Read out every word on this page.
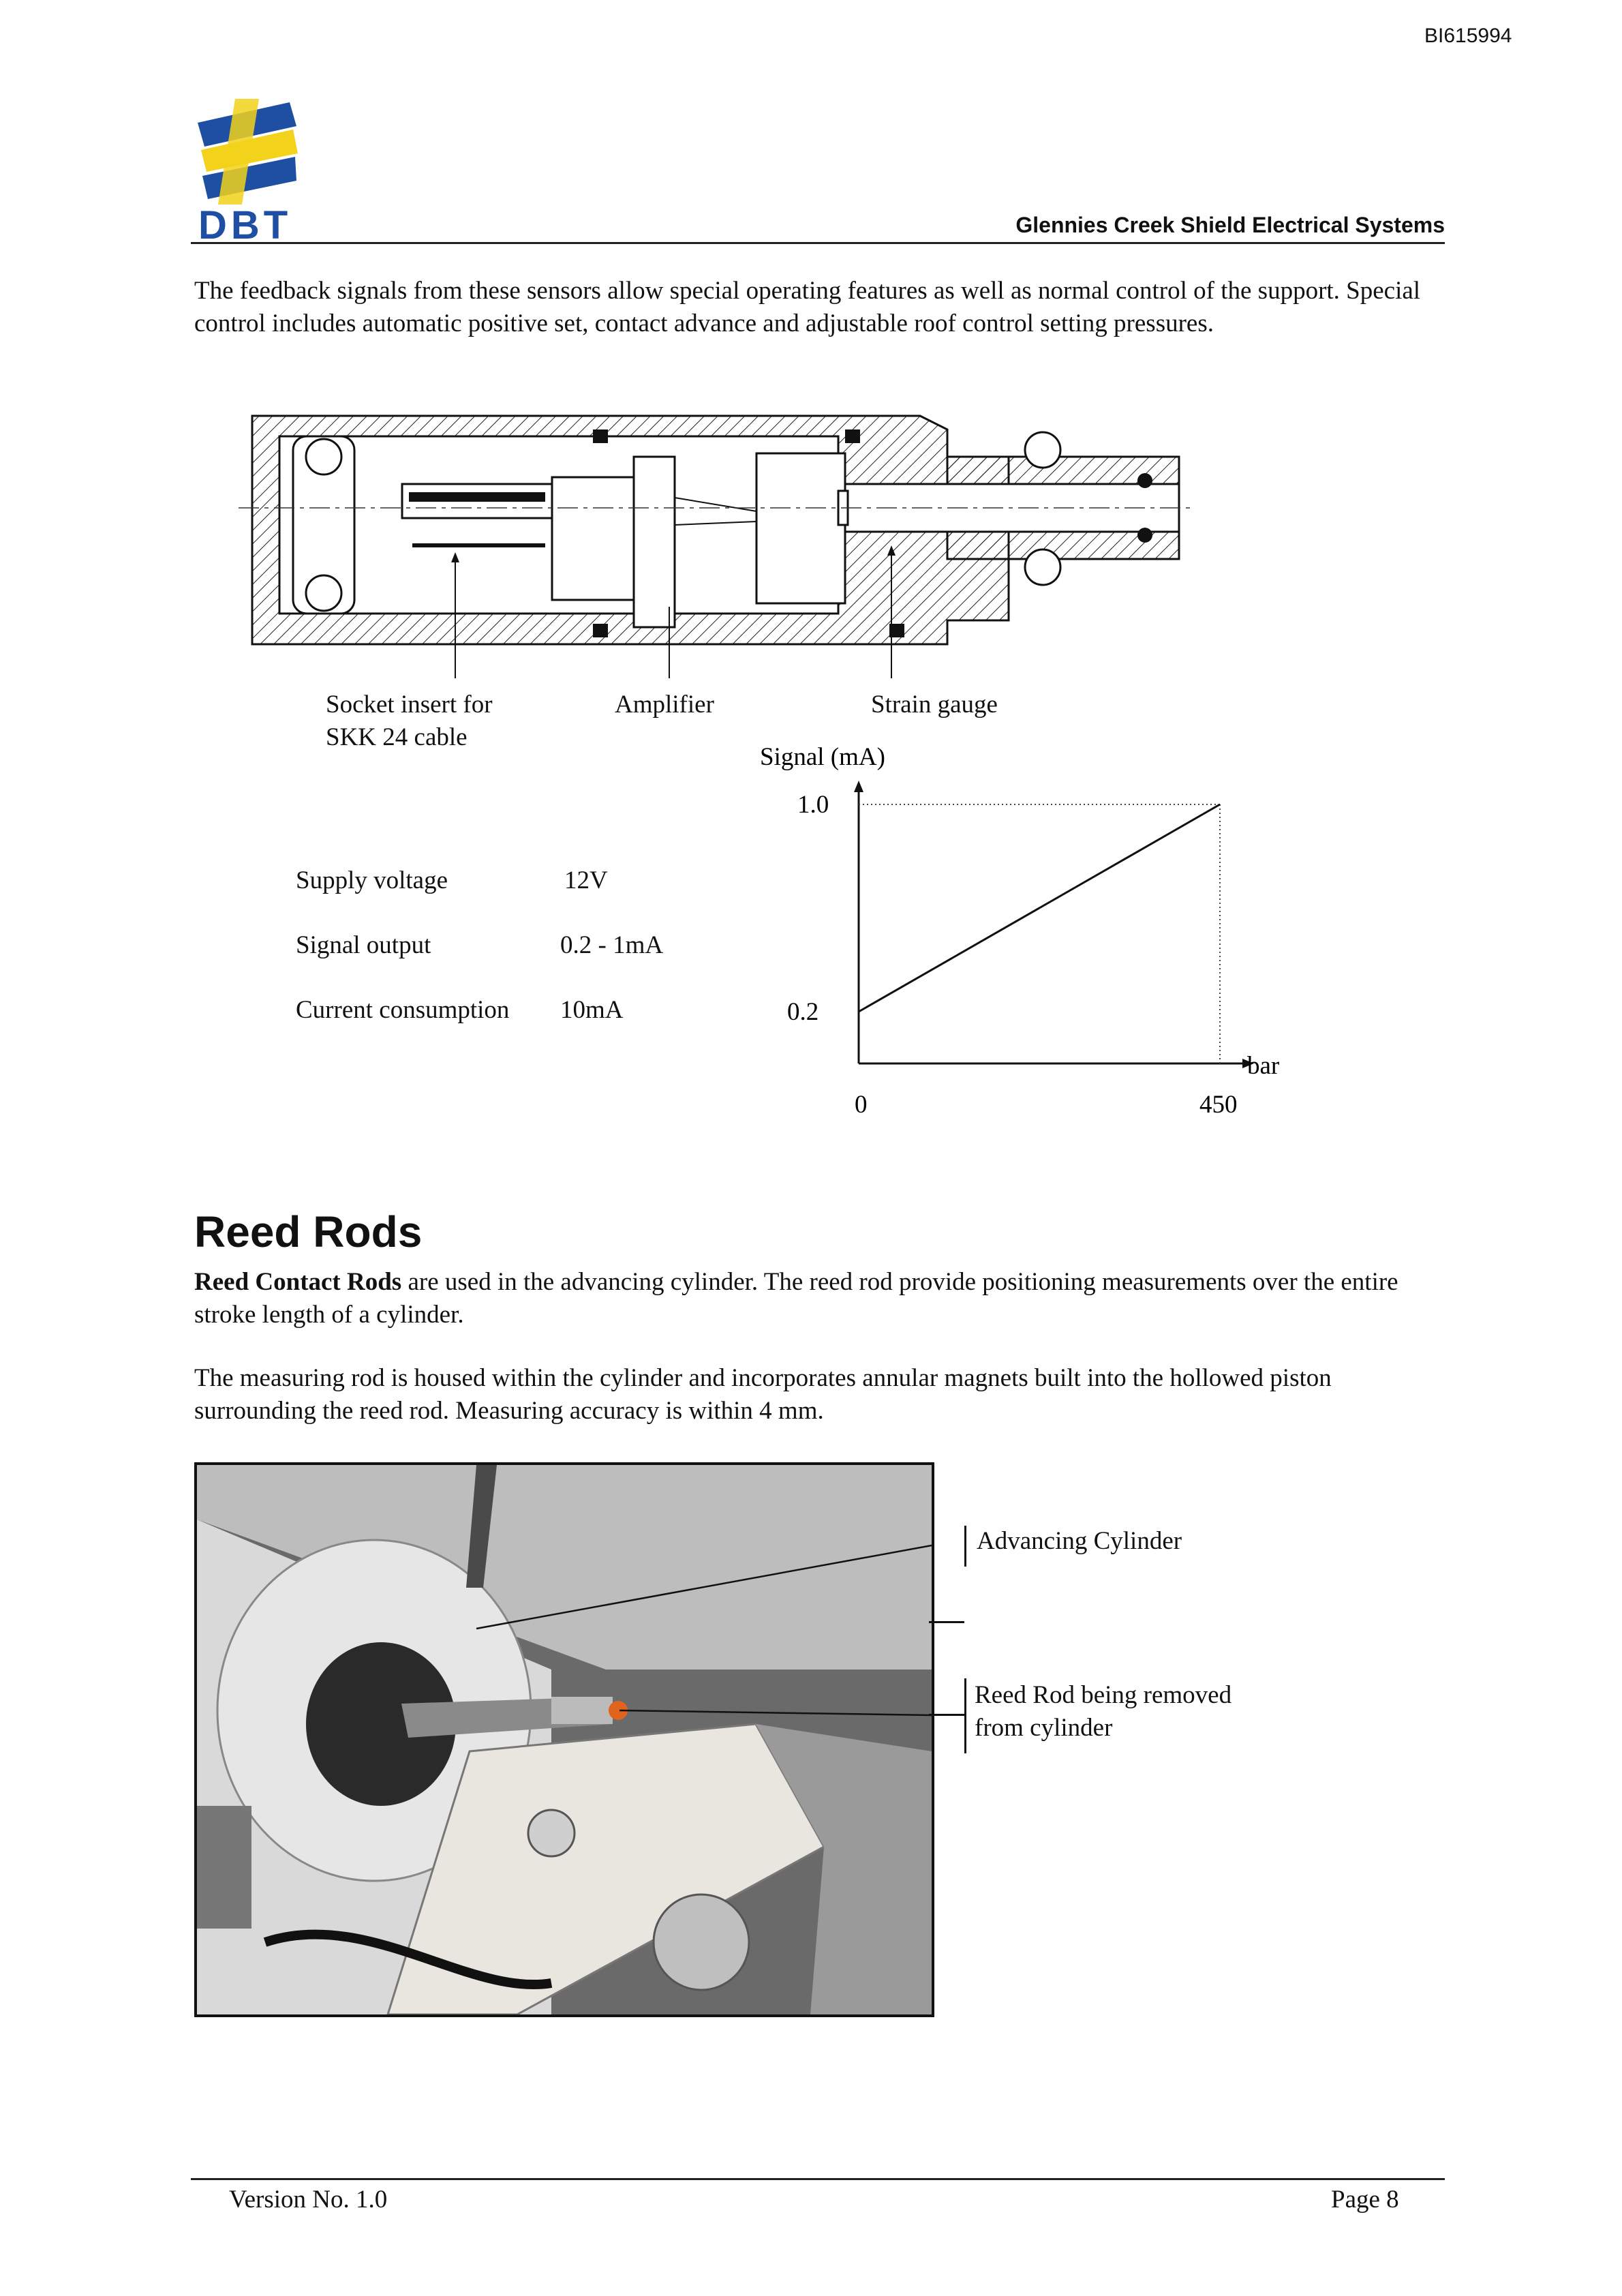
BI615994
DBT	Glennies Creek Shield Electrical Systems
The feedback signals from these sensors allow special operating features as well as normal control of the support. Special control includes automatic positive set, contact advance and adjustable roof control setting pressures.
Socket insert for
SKK 24 cable
Amplifier	Strain gauge
Supply voltage	12V
Signal output	0.2 - 1mA
Current consumption 10mA
Signal (mA)
bar
1.0
0.2
0	450
Reed Rods
Reed Contact Rods are used in the advancing cylinder. The reed rod provide positioning measurements over the entire stroke length of a cylinder.
The measuring rod is housed within the cylinder and incorporates annular magnets built into the hollowed piston surrounding the reed rod. Measuring accuracy is within 4 mm.
Advancing Cylinder
Reed Rod being removed
from cylinder
Version No. 1.0	Page 8
